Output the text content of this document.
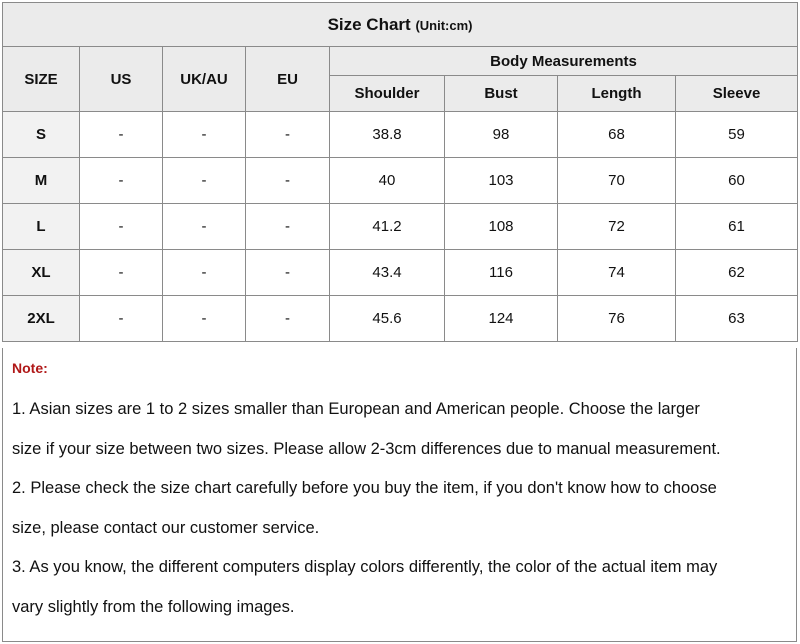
Size Chart (Unit:cm)							
SIZE	US	UK/AU	EU	Body Measurements			
				Shoulder	Bust	Length	Sleeve
S	-	-	-	38.8	98	68	59
M	-	-	-	40	103	70	60
L	-	-	-	41.2	108	72	61
XL	-	-	-	43.4	116	74	62
2XL	-	-	-	45.6	124	76	63
Note:
1. Asian sizes are 1 to 2 sizes smaller than European and American people. Choose the larger
size if your size between two sizes. Please allow 2-3cm differences due to manual measurement.
2. Please check the size chart carefully before you buy the item, if you don't know how to choose
size, please contact our customer service.
3. As you know, the different computers display colors differently, the color of the actual item may
vary slightly from the following images.
